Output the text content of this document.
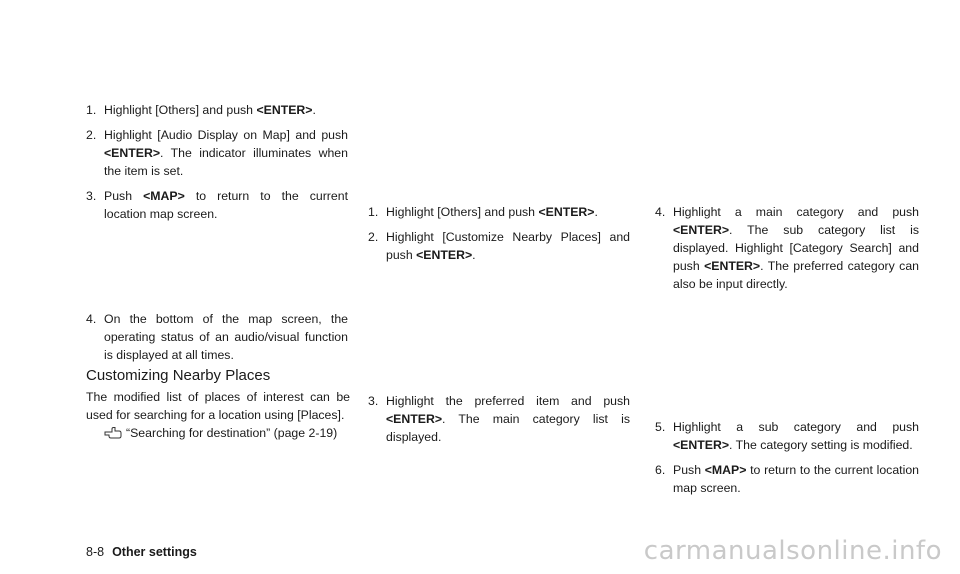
1. Highlight [Others] and push <ENTER>.
2. Highlight [Audio Display on Map] and push <ENTER>. The indicator illuminates when the item is set.
3. Push <MAP> to return to the current location map screen.
4. On the bottom of the map screen, the operating status of an audio/visual function is displayed at all times.
Customizing Nearby Places
The modified list of places of interest can be used for searching for a location using [Places].

“Searching for destination” (page 2-19)
1. Highlight [Others] and push <ENTER>.
2. Highlight [Customize Nearby Places] and push <ENTER>.
3. Highlight the preferred item and push <ENTER>. The main category list is displayed.
4. Highlight a main category and push <ENTER>. The sub category list is displayed. Highlight [Category Search] and push <ENTER>. The preferred category can also be input directly.
5. Highlight a sub category and push <ENTER>. The category setting is modified.
6. Push <MAP> to return to the current location map screen.
8-8 Other settings	carmanualsonline.info
